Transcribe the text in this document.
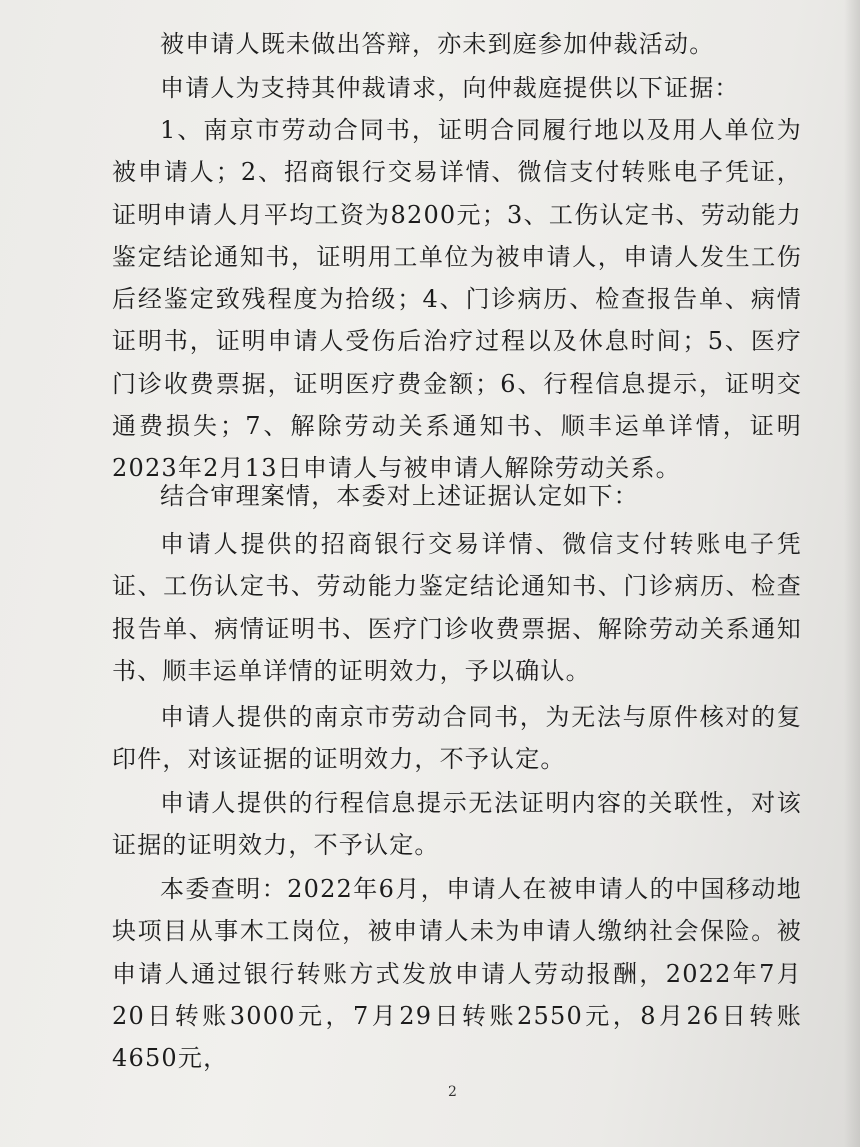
被申请人既未做出答辩，亦未到庭参加仲裁活动。

申请人为支持其仲裁请求，向仲裁庭提供以下证据：

1、南京市劳动合同书，证明合同履行地以及用人单位为被申请人；2、招商银行交易详情、微信支付转账电子凭证，证明申请人月平均工资为8200元；3、工伤认定书、劳动能力鉴定结论通知书，证明用工单位为被申请人，申请人发生工伤后经鉴定致残程度为拾级；4、门诊病历、检查报告单、病情证明书，证明申请人受伤后治疗过程以及休息时间；5、医疗门诊收费票据，证明医疗费金额；6、行程信息提示，证明交通费损失；7、解除劳动关系通知书、顺丰运单详情，证明2023年2月13日申请人与被申请人解除劳动关系。

结合审理案情，本委对上述证据认定如下：

申请人提供的招商银行交易详情、微信支付转账电子凭证、工伤认定书、劳动能力鉴定结论通知书、门诊病历、检查报告单、病情证明书、医疗门诊收费票据、解除劳动关系通知书、顺丰运单详情的证明效力，予以确认。

申请人提供的南京市劳动合同书，为无法与原件核对的复印件，对该证据的证明效力，不予认定。

申请人提供的行程信息提示无法证明内容的关联性，对该证据的证明效力，不予认定。

本委查明：2022年6月，申请人在被申请人的中国移动地块项目从事木工岗位，被申请人未为申请人缴纳社会保险。被申请人通过银行转账方式发放申请人劳动报酬，2022年7月20日转账3000元，7月29日转账2550元，8月26日转账4650元，

2
